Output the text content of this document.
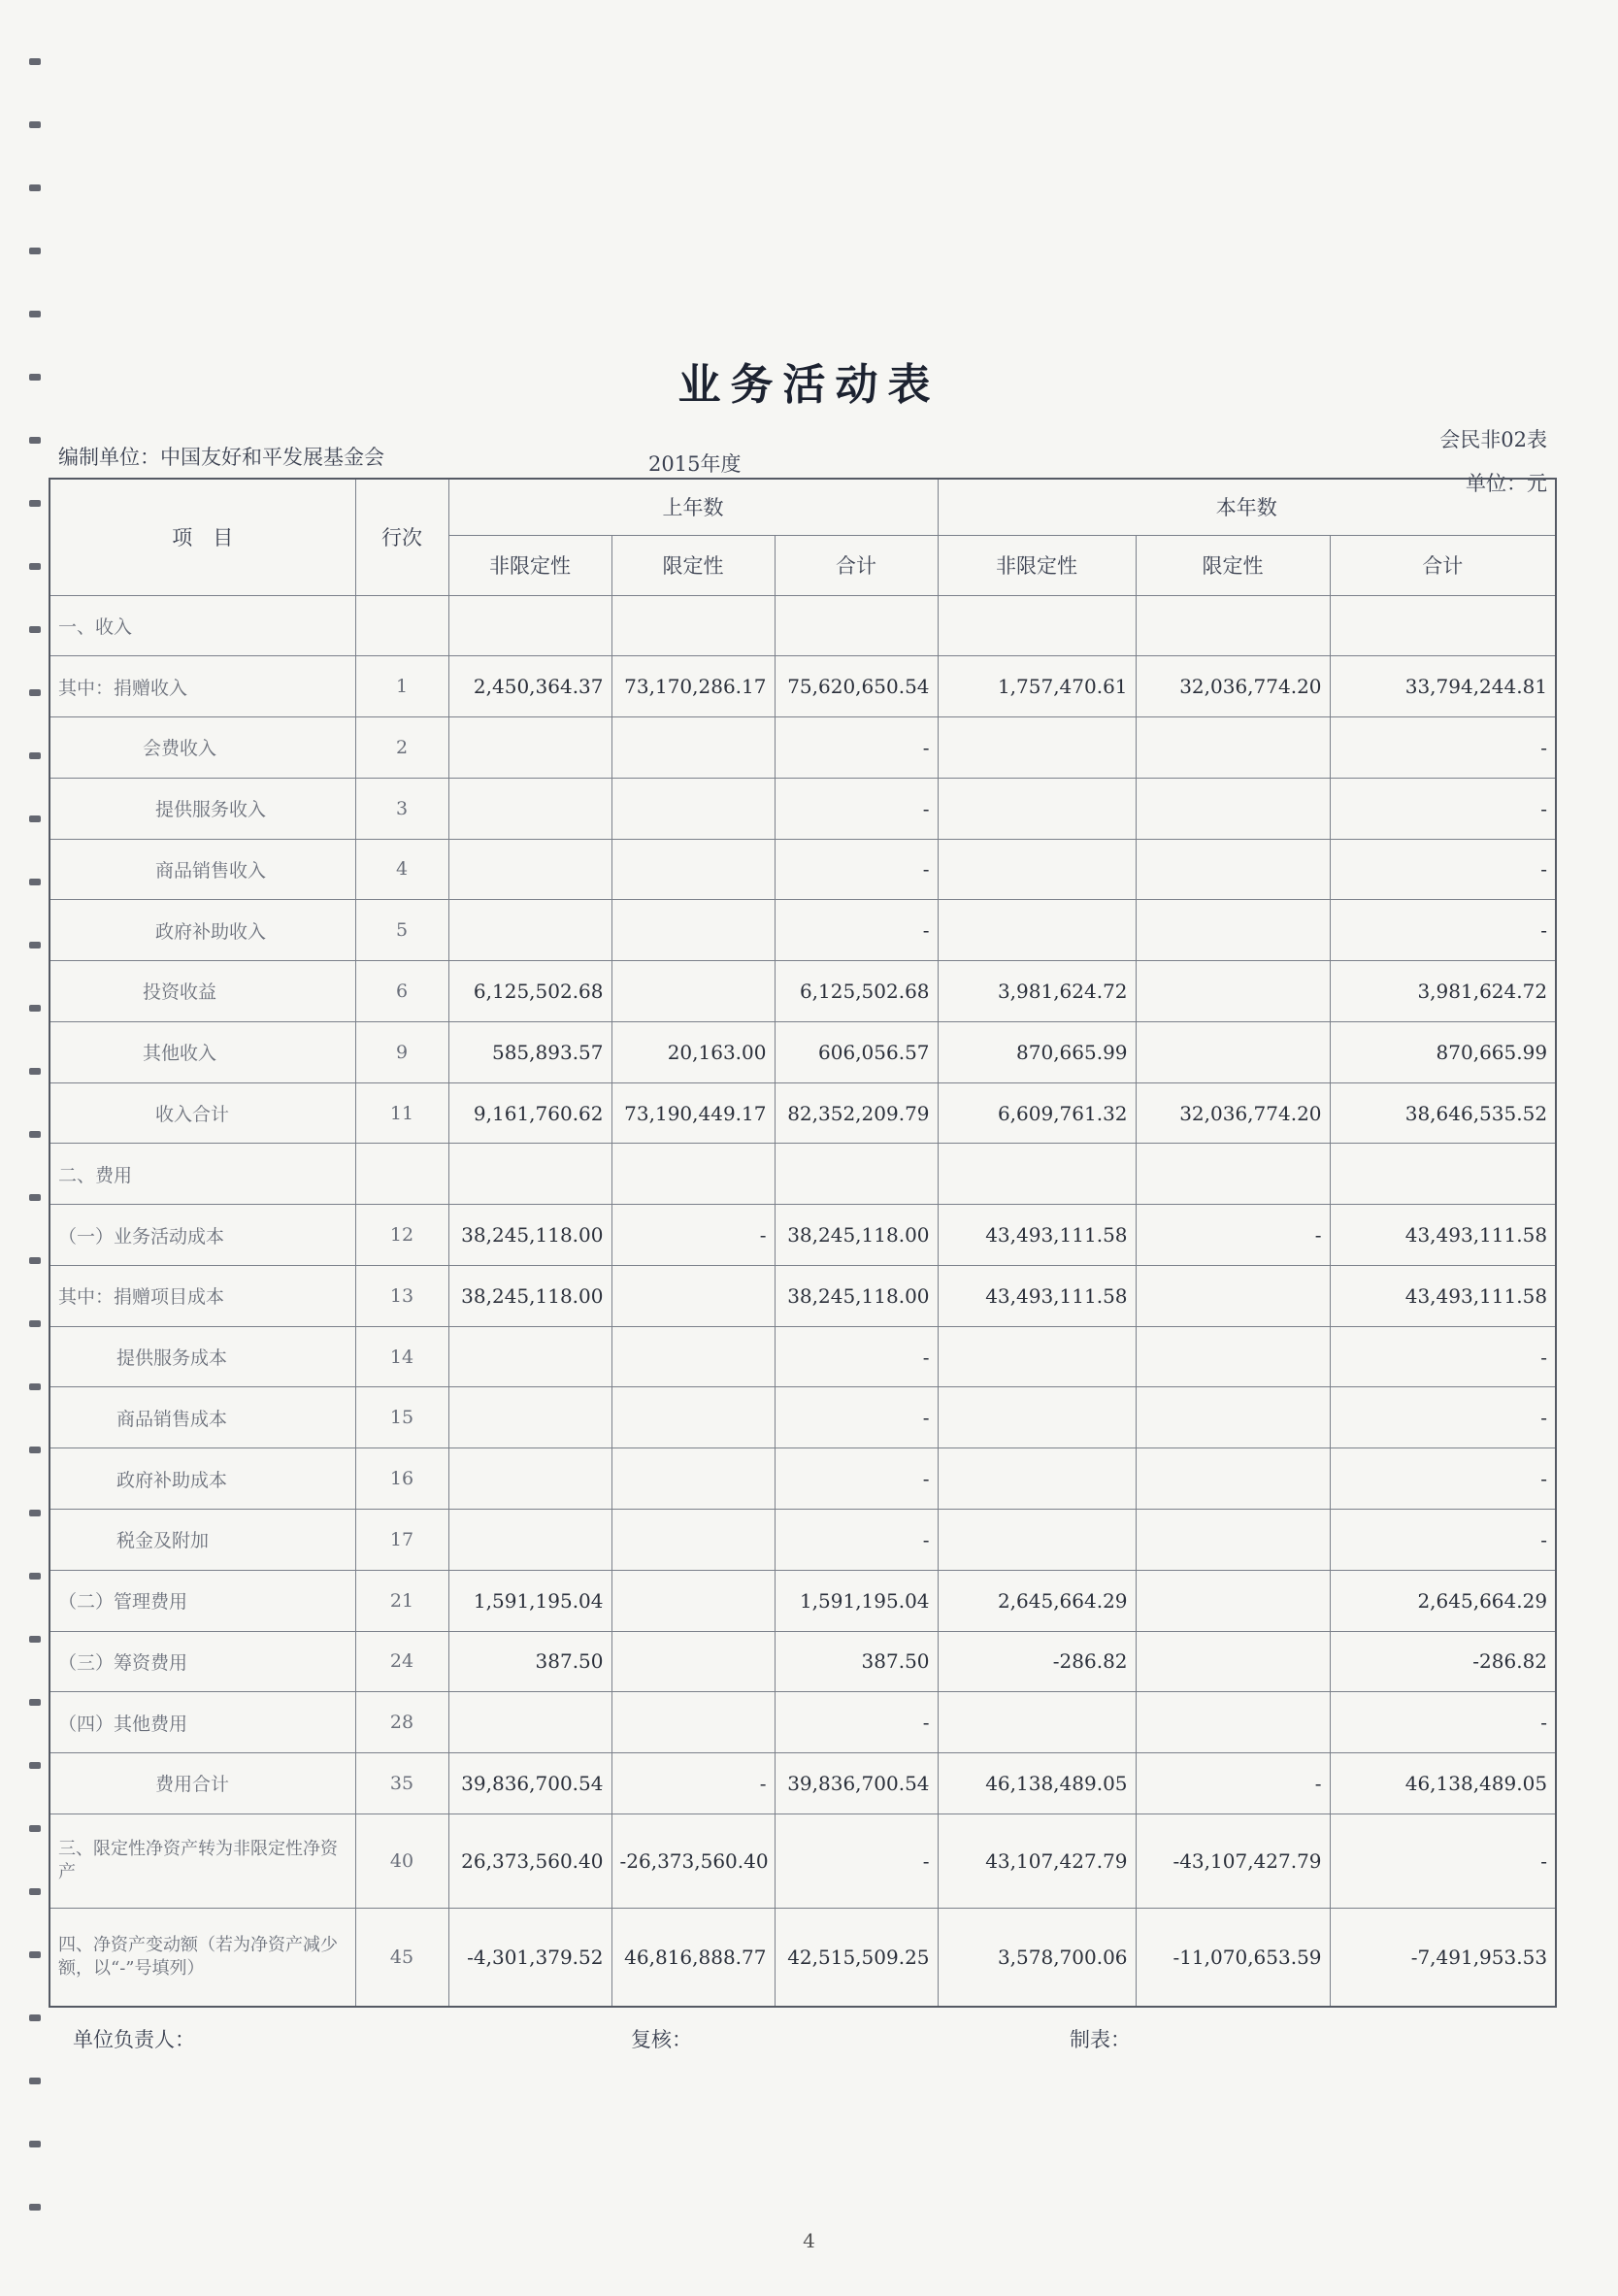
业务活动表
编制单位：中国友好和平发展基金会	2015年度
会民非02表
单位：元
项　目	行次	上年数			本年数		
		非限定性	限定性	合计	非限定性	限定性	合计
一、收入							
其中：捐赠收入	1	2,450,364.37	73,170,286.17	75,620,650.54	1,757,470.61	32,036,774.20	33,794,244.81
会费收入	2			-			-
提供服务收入	3			-			-
商品销售收入	4			-			-
政府补助收入	5			-			-
投资收益	6	6,125,502.68		6,125,502.68	3,981,624.72		3,981,624.72
其他收入	9	585,893.57	20,163.00	606,056.57	870,665.99		870,665.99
收入合计	11	9,161,760.62	73,190,449.17	82,352,209.79	6,609,761.32	32,036,774.20	38,646,535.52
二、费用							
（一）业务活动成本	12	38,245,118.00	-	38,245,118.00	43,493,111.58	-	43,493,111.58
其中：捐赠项目成本	13	38,245,118.00		38,245,118.00	43,493,111.58		43,493,111.58
提供服务成本	14			-			-
商品销售成本	15			-			-
政府补助成本	16			-			-
税金及附加	17			-			-
（二）管理费用	21	1,591,195.04		1,591,195.04	2,645,664.29		2,645,664.29
（三）筹资费用	24	387.50		387.50	-286.82		-286.82
（四）其他费用	28			-			-
费用合计	35	39,836,700.54	-	39,836,700.54	46,138,489.05	-	46,138,489.05
三、限定性净资产转为非限定性净资产	40	26,373,560.40	-26,373,560.40	-	43,107,427.79	-43,107,427.79	-
四、净资产变动额（若为净资产减少额，以“-”号填列）	45	-4,301,379.52	46,816,888.77	42,515,509.25	3,578,700.06	-11,070,653.59	-7,491,953.53
单位负责人：	复核：	制表：
4
